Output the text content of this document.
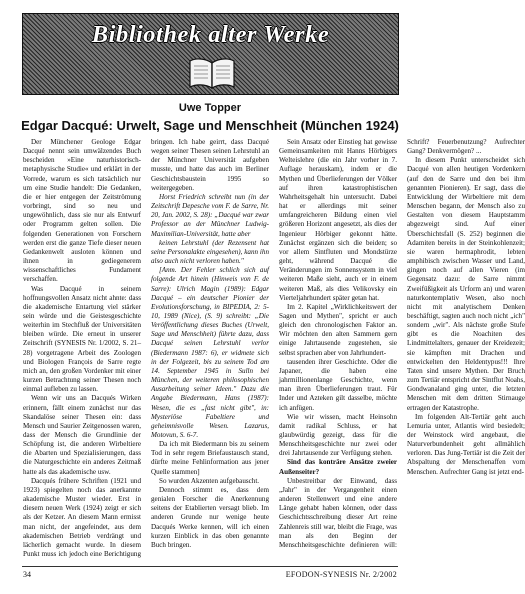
Bibliothek alter Werke
Uwe Topper
Edgar Dacqué: Urwelt, Sage und Menschheit (München 1924)

Der Münchener Geologe Edgar Dacqué nennt sein umwälzendes Buch bescheiden »Eine naturhistorisch-metaphysische Studie« und erklärt in der Vorrede, warum es sich tatsächlich nur um eine Studie handelt: Die Gedanken, die er hier entgegen der Zeitströmung vorbringt, sind so neu und ungewöhnlich, dass sie nur als Entwurf oder Programm gelten sollen. Die folgenden Generationen von Forschern werden erst die ganze Tiefe dieser neuen Gedankenwelt ausloten können und ihnen in gediegenerem wissenschaftliches Fundament verschaffen.

Was Dacqué in seinem hoffnungsvollen Ansatz nicht ahnte: dass die akademische Entartung viel stärker sein würde und die Geistesgeschichte weiterhin im Stechfluß der Universitäten bleiben würde. Die erneut in unserer Zeitschrift (SYNESIS Nr. 1/2002, S. 21–28) vorgetragene Arbeit des Zoologen und Biologen François de Sarre regte mich an, den großen Vordenker mit einer kurzen Betrachtung seiner Thesen noch einmal aufleben zu lassen.

Wenn wir uns an Dacqués Wirken erinnern, fällt einem zunächst nur das Skandalöse seiner Thesen ein: dass Mensch und Saurier Zeitgenossen waren, dass der Mensch die Grundlinie der Schöpfung ist, die anderen Wirbeltiere die Abarten und Spezialisierungen, dass die Naturgeschichte ein anderes Zeitmaß hatte als das akademische usw.

Dacqués frühere Schriften (1921 und 1923) spiegelten noch das anerkannte akademische Muster wieder. Erst in diesem neuen Werk (1924) zeigt er sich als der Ketzer. An diesem Mann ermisst man nicht, der angefeindet, aus dem akademischen Betrieb verdrängt und lächerlich gemacht wurde. In diesem Punkt muss ich jedoch eine Berichtigung bringen. Ich habe geirrt, dass Dacqué wegen seiner Thesen seinen Lehrstuhl an der Münchner Universität aufgeben musste, und hatte das auch im Berliner Geschichtsbaustein 1995 so weitergegeben.

Horst Friedrich schreibt nun (in der Zeitschrift Depesche vom F. de Sarre, Nr. 20, Jan. 2002, S. 28): „Dacqué war zwar Professor an der Münchner Ludwig-Maximilian-Universität, hatte aber

keinen Lehrstuhl (der Rezensent hat seine Personalakte eingesehen), kann ihn also auch nicht verloren haben."

[Anm. Der Fehler schlich sich auf folgende Art hinein (Hinweis von F. de Sarre): Ulrich Magin (1989): Edgar Dacqué – ein deutscher Pionier der Evolutionsforschung, in BIPEDIA, 2: 5-10, 1989 (Nice), (S. 9) schreibt: „Die Veröffentlichung dieses Buches (Urwelt, Sage und Menschheit) führte dazu, dass Dacqué seinen Lehrstuhl verlor (Biedermann 1987: 6), er widmete sich in der Folgezeit, bis zu seinem Tod am 14. September 1945 in Sulln bei München, der weiteren philosophischen Ausarbeitung seiner Ideen." Dazu die Angabe Biedermann, Hans (1987): Wesen, die es „fast nicht gibt", in: Mysteriöse Fabeltiere und geheimnisvolle Wesen. Lazarus, Motovun, S. 6-7.

Da ich mit Biedermann bis zu seinem Tod in sehr regem Briefaustausch stand, dürfte meine Fehlinformation aus jener Quelle stammen]

So wurden Akzenten aufgebauscht.

Dennoch stimmt es, dass dem genialen Forscher die Anerkennung seitens der Etablierten versagt blieb. Im anderen Grunde nur wenige heute Dacqués Werke kennen, will ich einen kurzen Einblick in das oben genannte Buch bringen.

Sein Ansatz oder Einstieg hat gewisse Gemeinsamkeiten mit Hanns Hörbigers Welteislehre (die ein Jahr vorher in 7. Auflage herauskam), indem er die Mythen und Überlieferungen der Völker auf ihren katastrophistischen Wahrheitsgehalt hin untersucht. Dabei hat er allerdings mit seiner umfangreicheren Bildung einen viel größeren Horizont angesetzt, als dies der Ingenieur Hörbiger gekonnt hätte. Zunächst ergänzen sich die beiden; so vor allem Sintfluten und Mondstürze geht, während Dacqué die Veränderungen im Sonnensystem in viel weiteren Maße sieht, auch er in einem weiteren Maß, als dies Velikovsky ein Vierteljahrhundert später getan hat.

Im 2. Kapitel „Wirklichkeitswert der Sagen und Mythen", spricht er auch gleich den chronologischen Faktor an. Wir möchten den alten Sammern gern einige Jahrtausende zugestehen, sie selbst sprachen aber von Jahrhundert-

tausenden ihrer Geschichte. Oder die Japaner, die haben eine jahrmillionenlange Geschichte, wenn man ihren Überlieferungen traut. Für Inder und Azteken gilt dasselbe, möchte ich anfügen.

Wie wir wissen, macht Heinsohn damit radikal Schluss, er hat glaubwürdig gezeigt, dass für die Menschheitsgeschichte nur zwei oder drei Jahrtausende zur Verfügung stehen.

Sind das konträre Ansätze zweier Außenseiter?

Unbestreitbar der Einwand, dass „Jahr" in der Vergangenheit einen anderen Stellenwert und eine andere Länge gehabt haben können, oder dass Geschichtsschreibung dieser Art reine Zahlenreis still war, bleibt die Frage, was man als den Beginn der Menschheitsgeschichte definieren will: Schrift? Feuerbenutzung? Aufrechter Gang? Denkvermögen? ...

In diesem Punkt unterscheidet sich Dacqué von allen heutigen Vordenkern (auf den de Sarre und den bei ihm genannten Pionieren). Er sagt, dass die Entwicklung der Wirbeltiere mit dem Menschen begann, der Mensch also zu Gestalten von diesem Hauptstamm abgezweigt sind. Auf einer Überschichtsfall (S. 252) beginnen die Adamiten bereits in der Steinkohlenzeit; sie waren hermaphrodit, lebten amphibisch zwischen Wasser und Land, gingen noch auf allen Vieren (im Gegensatz dazu: de Sarre nimmt Zweifüßigkeit als Urform an) und waren naturkontemplativ Wesen, also noch nicht mit analytischem Denken beschäftigt, sagten auch noch nicht „ich" sondern „wir". Als nächste große Stufe gibt es die Noachiten des Lindmittelalters, genauer der Kreidezeit; sie kämpften mit Drachen und entwickelten den Heldentypus!!! Ihre Taten sind unsere Mythen. Der Bruch zum Tertiär entspricht der Sintflut Noahs, Gondwanaland ging unter, die letzten Menschen mit dem dritten Stirnauge ertragen der Katastrophe.

Im folgenden Alt-Tertiär geht auch Lemuria unter, Atlantis wird besiedelt; der Weinstock wird angebaut, die Naturverbundenheit geht allmählich verloren. Das Jung-Tertiär ist die Zeit der Abspaltung der Menschenaffen vom Menschen. Aufrechter Gang ist jetzt end-

34	EFODON-SYNESIS Nr. 2/2002
